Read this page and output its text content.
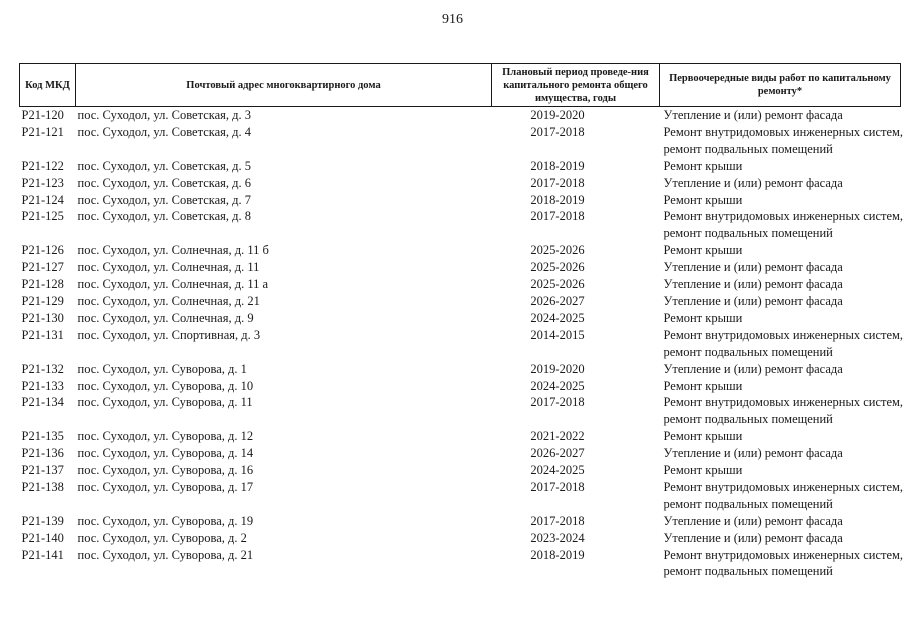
916
Код МКД	Почтовый адрес многоквартирного дома	Плановый период проведе-ния капитального ремонта общего имущества, годы	Первоочередные виды работ по капитальному ремонту*
Р21-120	пос. Суходол, ул. Советская, д. 3	2019-2020	Утепление и (или) ремонт фасада

Р21-121	пос. Суходол, ул. Советская, д. 4	2017-2018	Ремонт внутридомовых инженерных систем,
ремонт подвальных помещений

Р21-122	пос. Суходол, ул. Советская, д. 5	2018-2019	Ремонт крыши

Р21-123	пос. Суходол, ул. Советская, д. 6	2017-2018	Утепление и (или) ремонт фасада

Р21-124	пос. Суходол, ул. Советская, д. 7	2018-2019	Ремонт крыши

Р21-125	пос. Суходол, ул. Советская, д. 8	2017-2018	Ремонт внутридомовых инженерных систем,
ремонт подвальных помещений

Р21-126	пос. Суходол, ул. Солнечная, д. 11 б	2025-2026	Ремонт крыши

Р21-127	пос. Суходол, ул. Солнечная, д. 11	2025-2026	Утепление и (или) ремонт фасада

Р21-128	пос. Суходол, ул. Солнечная, д. 11 а	2025-2026	Утепление и (или) ремонт фасада

Р21-129	пос. Суходол, ул. Солнечная, д. 21	2026-2027	Утепление и (или) ремонт фасада

Р21-130	пос. Суходол, ул. Солнечная, д. 9	2024-2025	Ремонт крыши

Р21-131	пос. Суходол, ул. Спортивная, д. 3	2014-2015	Ремонт внутридомовых инженерных систем,
ремонт подвальных помещений

Р21-132	пос. Суходол, ул. Суворова, д. 1	2019-2020	Утепление и (или) ремонт фасада

Р21-133	пос. Суходол, ул. Суворова, д. 10	2024-2025	Ремонт крыши

Р21-134	пос. Суходол, ул. Суворова, д. 11	2017-2018	Ремонт внутридомовых инженерных систем,
ремонт подвальных помещений

Р21-135	пос. Суходол, ул. Суворова, д. 12	2021-2022	Ремонт крыши

Р21-136	пос. Суходол, ул. Суворова, д. 14	2026-2027	Утепление и (или) ремонт фасада

Р21-137	пос. Суходол, ул. Суворова, д. 16	2024-2025	Ремонт крыши

Р21-138	пос. Суходол, ул. Суворова, д. 17	2017-2018	Ремонт внутридомовых инженерных систем,
ремонт подвальных помещений

Р21-139	пос. Суходол, ул. Суворова, д. 19	2017-2018	Утепление и (или) ремонт фасада

Р21-140	пос. Суходол, ул. Суворова, д. 2	2023-2024	Утепление и (или) ремонт фасада

Р21-141	пос. Суходол, ул. Суворова, д. 21	2018-2019	Ремонт внутридомовых инженерных систем,
ремонт подвальных помещений
